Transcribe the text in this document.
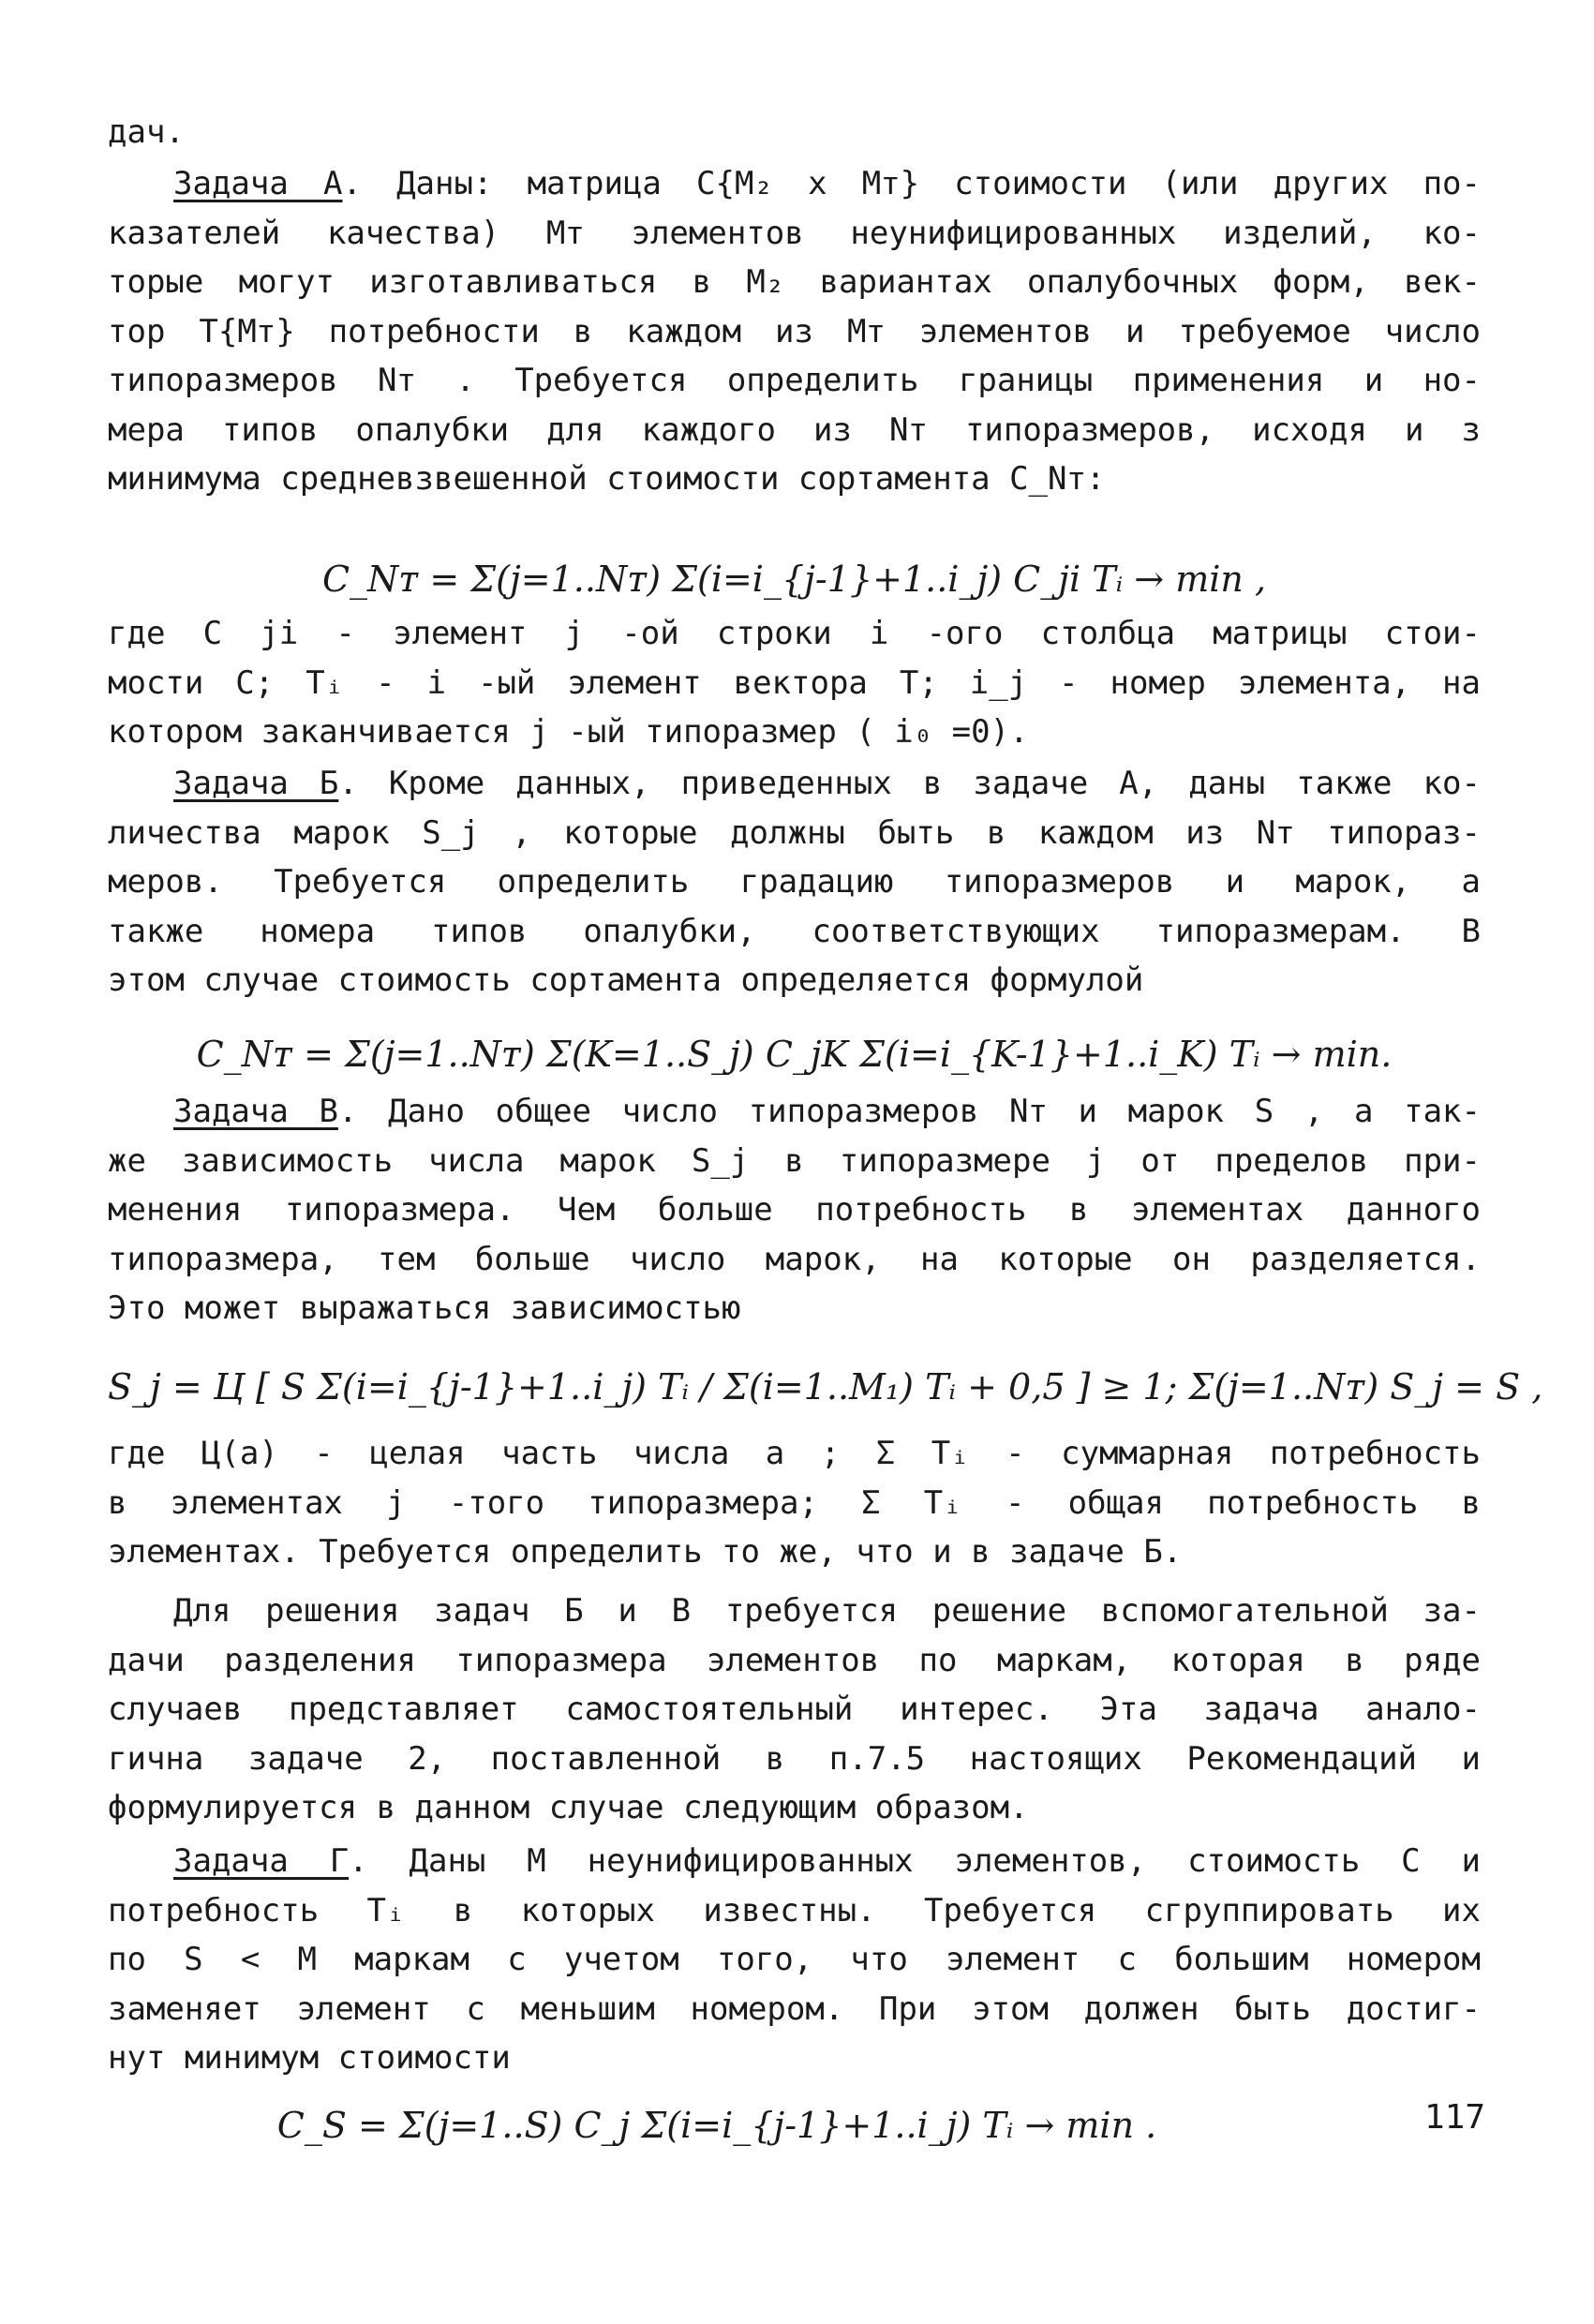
дач.

Задача А. Даны: матрица C{M₂ x Mᴛ} стоимости (или других по-
казателей качества) Mᴛ элементов неунифицированных изделий, ко-
торые могут изготавливаться в M₂ вариантах опалубочных форм, век-
тор T{Mᴛ} потребности в каждом из Mᴛ элементов и требуемое число
типоразмеров Nᴛ . Требуется определить границы применения и но-
мера типов опалубки для каждого из Nᴛ типоразмеров, исходя и з
минимума средневзвешенной стоимости сортамента C_Nᴛ:

C_Nᴛ = Σ(j=1..Nᴛ) Σ(i=i_{j-1}+1..i_j) C_ji Tᵢ → min ,

где C ji - элемент j -ой строки i -ого столбца матрицы стои-
мости C; Tᵢ - i -ый элемент вектора T; i_j - номер элемента, на
котором заканчивается j -ый типоразмер ( i₀ =0).

Задача Б. Кроме данных, приведенных в задаче А, даны также ко-
личества марок S_j , которые должны быть в каждом из Nᴛ типораз-
меров. Требуется определить градацию типоразмеров и марок, а
также номера типов опалубки, соответствующих типоразмерам. В
этом случае стоимость сортамента определяется формулой

C_Nᴛ = Σ(j=1..Nᴛ) Σ(K=1..S_j) C_jK Σ(i=i_{K-1}+1..i_K) Tᵢ → min.

Задача В. Дано общее число типоразмеров Nᴛ и марок S , а так-
же зависимость числа марок S_j в типоразмере j от пределов при-
менения типоразмера. Чем больше потребность в элементах данного
типоразмера, тем больше число марок, на которые он разделяется.
Это может выражаться зависимостью

S_j = Ц [ S Σ(i=i_{j-1}+1..i_j) Tᵢ / Σ(i=1..M₁) Tᵢ + 0,5 ] ≥ 1; Σ(j=1..Nᴛ) S_j = S ,

где Ц(a) - целая часть числа a ; Σ Tᵢ - суммарная потребность
в элементах j -того типоразмера; Σ Tᵢ - общая потребность в
элементах. Требуется определить то же, что и в задаче Б.

Для решения задач Б и В требуется решение вспомогательной за-
дачи разделения типоразмера элементов по маркам, которая в ряде
случаев представляет самостоятельный интерес. Эта задача анало-
гична задаче 2, поставленной в п.7.5 настоящих Рекомендаций и
формулируется в данном случае следующим образом.

Задача Г. Даны М неунифицированных элементов, стоимость С и
потребность Tᵢ в которых известны. Требуется сгруппировать их
по S < М маркам с учетом того, что элемент с большим номером
заменяет элемент с меньшим номером. При этом должен быть достиг-
нут минимум стоимости

C_S = Σ(j=1..S) C_j Σ(i=i_{j-1}+1..i_j) Tᵢ → min .	117
